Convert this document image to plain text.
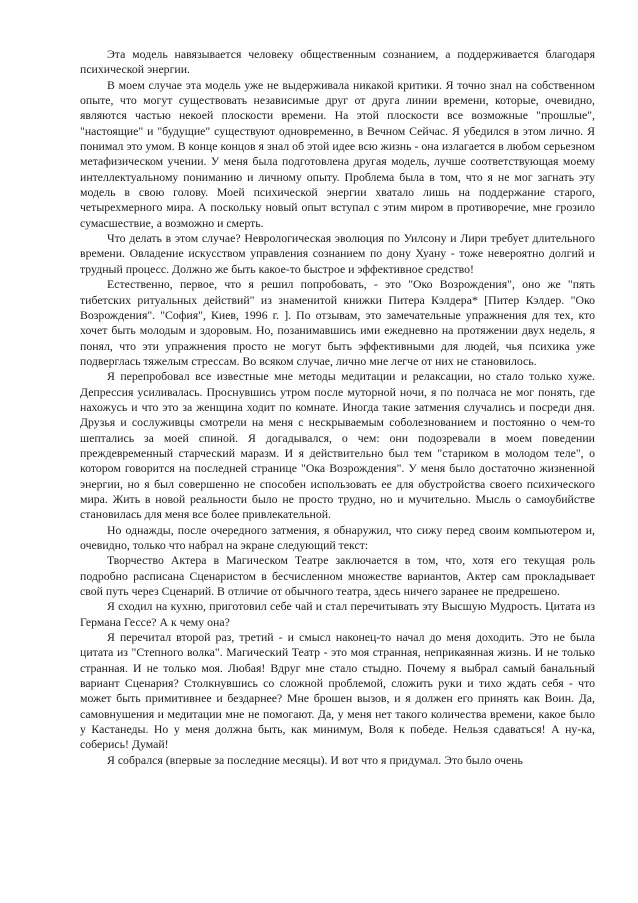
Эта модель навязывается человеку общественным сознанием, а поддерживается благодаря психической энергии.

В моем случае эта модель уже не выдерживала никакой критики. Я точно знал на собственном опыте, что могут существовать независимые друг от друга линии времени, которые, очевидно, являются частью некоей плоскости времени. На этой плоскости все возможные "прошлые", "настоящие" и "будущие" существуют одновременно, в Вечном Сейчас. Я убедился в этом лично. Я понимал это умом. В конце концов я знал об этой идее всю жизнь - она излагается в любом серьезном метафизическом учении. У меня была подготовлена другая модель, лучше соответствующая моему интеллектуальному пониманию и личному опыту. Проблема была в том, что я не мог загнать эту модель в свою голову. Моей психической энергии хватало лишь на поддержание старого, четырехмерного мира. А поскольку новый опыт вступал с этим миром в противоречие, мне грозило сумасшествие, а возможно и смерть.

Что делать в этом случае? Неврологическая эволюция по Уилсону и Лири требует длительного времени. Овладение искусством управления сознанием по дону Хуану - тоже невероятно долгий и трудный процесс. Должно же быть какое-то быстрое и эффективное средство!

Естественно, первое, что я решил попробовать, - это "Око Возрождения", оно же "пять тибетских ритуальных действий" из знаменитой книжки Питера Кэлдера* [Питер Кэлдер. "Око Возрождения". "София", Киев, 1996 г. ]. По отзывам, это замечательные упражнения для тех, кто хочет быть молодым и здоровым. Но, позанимавшись ими ежедневно на протяжении двух недель, я понял, что эти упражнения просто не могут быть эффективными для людей, чья психика уже подверглась тяжелым стрессам. Во всяком случае, лично мне легче от них не становилось.

Я перепробовал все известные мне методы медитации и релаксации, но стало только хуже. Депрессия усиливалась. Проснувшись утром после муторной ночи, я по полчаса не мог понять, где нахожусь и что это за женщина ходит по комнате. Иногда такие затмения случались и посреди дня. Друзья и сослуживцы смотрели на меня с нескрываемым соболезнованием и постоянно о чем-то шептались за моей спиной. Я догадывался, о чем: они подозревали в моем поведении преждевременный старческий маразм. И я действительно был тем "стариком в молодом теле", о котором говорится на последней странице "Ока Возрождения". У меня было достаточно жизненной энергии, но я был совершенно не способен использовать ее для обустройства своего психического мира. Жить в новой реальности было не просто трудно, но и мучительно. Мысль о самоубийстве становилась для меня все более привлекательной.

Но однажды, после очередного затмения, я обнаружил, что сижу перед своим компьютером и, очевидно, только что набрал на экране следующий текст:

Творчество Актера в Магическом Театре заключается в том, что, хотя его текущая роль подробно расписана Сценаристом в бесчисленном множестве вариантов, Актер сам прокладывает свой путь через Сценарий. В отличие от обычного театра, здесь ничего заранее не предрешено.

Я сходил на кухню, приготовил себе чай и стал перечитывать эту Высшую Мудрость. Цитата из Германа Гессе? А к чему она?

Я перечитал второй раз, третий - и смысл наконец-то начал до меня доходить. Это не была цитата из "Степного волка". Магический Театр - это моя странная, неприкаянная жизнь. И не только странная. И не только моя. Любая! Вдруг мне стало стыдно. Почему я выбрал самый банальный вариант Сценария? Столкнувшись со сложной проблемой, сложить руки и тихо ждать себя - что может быть примитивнее и бездарнее? Мне брошен вызов, и я должен его принять как Воин. Да, самовнушения и медитации мне не помогают. Да, у меня нет такого количества времени, какое было у Кастанеды. Но у меня должна быть, как минимум, Воля к победе. Нельзя сдаваться! А ну-ка, соберись! Думай!

Я собрался (впервые за последние месяцы). И вот что я придумал. Это было очень
